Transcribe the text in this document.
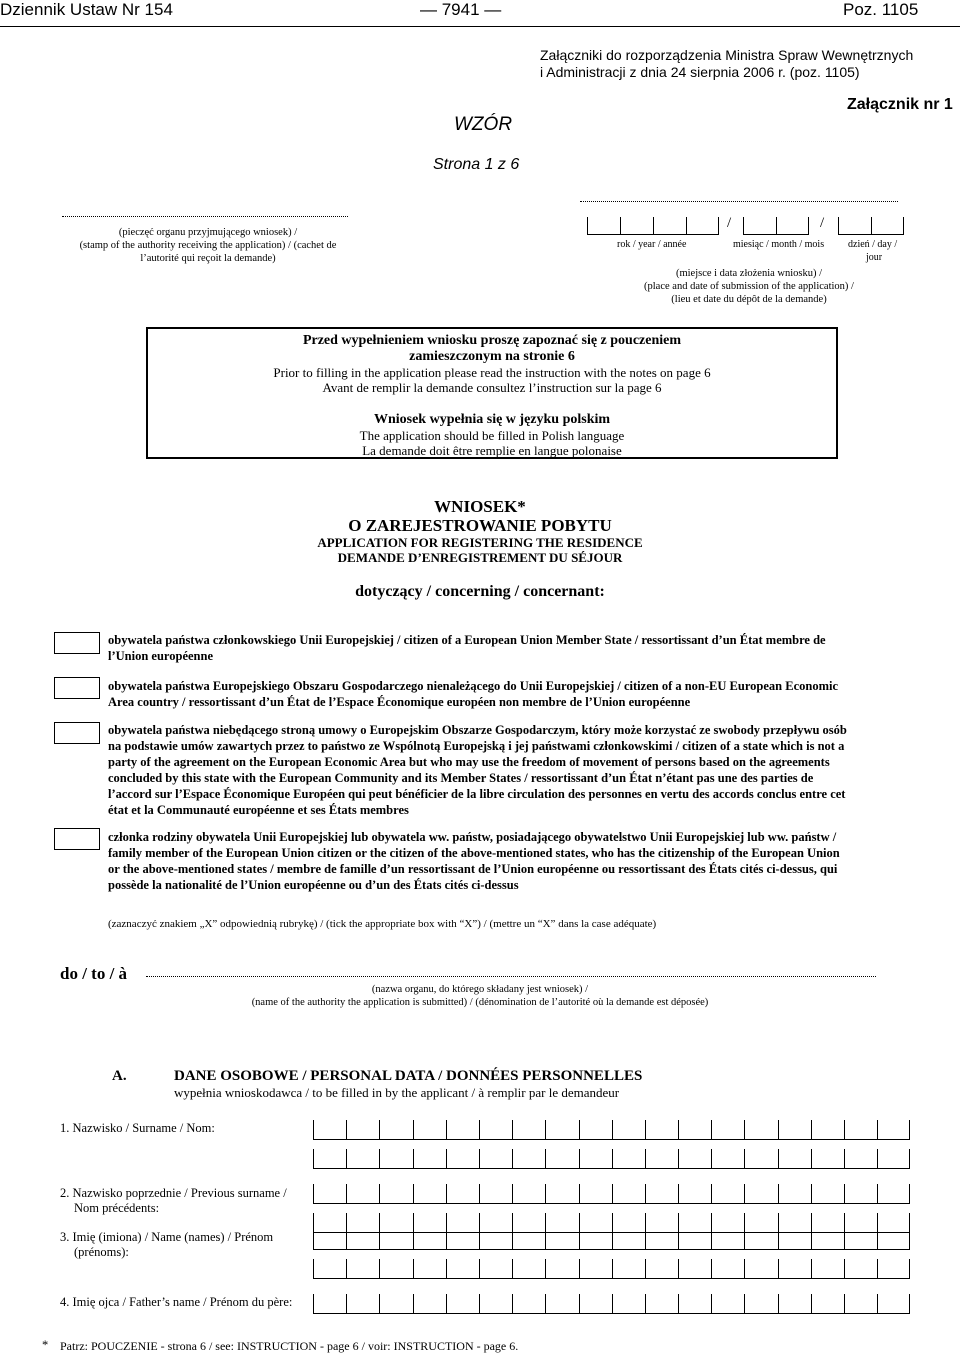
Dziennik Ustaw Nr 154	— 7941 —	Poz. 1105
Załączniki do rozporządzenia Ministra Spraw Wewnętrznych
i Administracji z dnia 24 sierpnia 2006 r. (poz. 1105)
Załącznik nr 1
WZÓR
Strona 1 z 6
(pieczęć organu przyjmującego wniosek) /
(stamp of the authority receiving the application) / (cachet de
l’autorité qui reçoit la demande)
/	/
rok / year / année	miesiąc / month / mois dzień / day /
jour
(miejsce i data złożenia wniosku) /
(place and date of submission of the application) /
(lieu et date du dépôt de la demande)
Przed wypełnieniem wniosku proszę zapoznać się z pouczeniem
zamieszczonym na stronie 6
Prior to filling in the application please read the instruction with the notes on page 6
Avant de remplir la demande consultez l’instruction sur la page 6
Wniosek wypełnia się w języku polskim
The application should be filled in Polish language
La demande doit être remplie en langue polonaise
WNIOSEK*
O ZAREJESTROWANIE POBYTU
APPLICATION FOR REGISTERING THE RESIDENCE
DEMANDE D’ENREGISTREMENT DU SÉJOUR
dotyczący / concerning / concernant:
obywatela państwa członkowskiego Unii Europejskiej / citizen of a European Union Member State / ressortissant d’un État membre de
l’Union européenne
obywatela państwa Europejskiego Obszaru Gospodarczego nienależącego do Unii Europejskiej / citizen of a non-EU European Economic
Area country / ressortissant d’un État de l’Espace Économique européen non membre de l’Union européenne
obywatela państwa niebędącego stroną umowy o Europejskim Obszarze Gospodarczym, który może korzystać ze swobody przepływu osób
na podstawie umów zawartych przez to państwo ze Wspólnotą Europejską i jej państwami członkowskimi / citizen of a state which is not a
party of the agreement on the European Economic Area but who may use the freedom of movement of persons based on the agreements
concluded by this state with the European Community and its Member States / ressortissant d’un État n’étant pas une des parties de
l’accord sur l’Espace Économique Européen qui peut bénéficier de la libre circulation des personnes en vertu des accords conclus entre cet
état et la Communauté européenne et ses États membres
członka rodziny obywatela Unii Europejskiej lub obywatela ww. państw, posiadającego obywatelstwo Unii Europejskiej lub ww. państw /
family member of the European Union citizen or the citizen of the above-mentioned states, who has the citizenship of the European Union
or the above-mentioned states / membre de famille d’un ressortissant de l’Union européenne ou ressortissant des États cités ci-dessus, qui
possède la nationalité de l’Union européenne ou d’un des États cités ci-dessus
(zaznaczyć znakiem „X” odpowiednią rubrykę) / (tick the appropriate box with “X”) / (mettre un “X” dans la case adéquate)
do / to / à
(nazwa organu, do którego składany jest wniosek) /
(name of the authority the application is submitted) / (dénomination de l’autorité où la demande est déposée)
A.	DANE OSOBOWE / PERSONAL DATA / DONNÉES PERSONNELLES
wypełnia wnioskodawca / to be filled in by the applicant / à remplir par le demandeur
1. Nazwisko / Surname / Nom:
2. Nazwisko poprzednie / Previous surname /
Nom précédents:
3. Imię (imiona) / Name (names) / Prénom
(prénoms):
4. Imię ojca / Father’s name / Prénom du père:
* Patrz: POUCZENIE - strona 6 / see: INSTRUCTION - page 6 / voir: INSTRUCTION - page 6.
